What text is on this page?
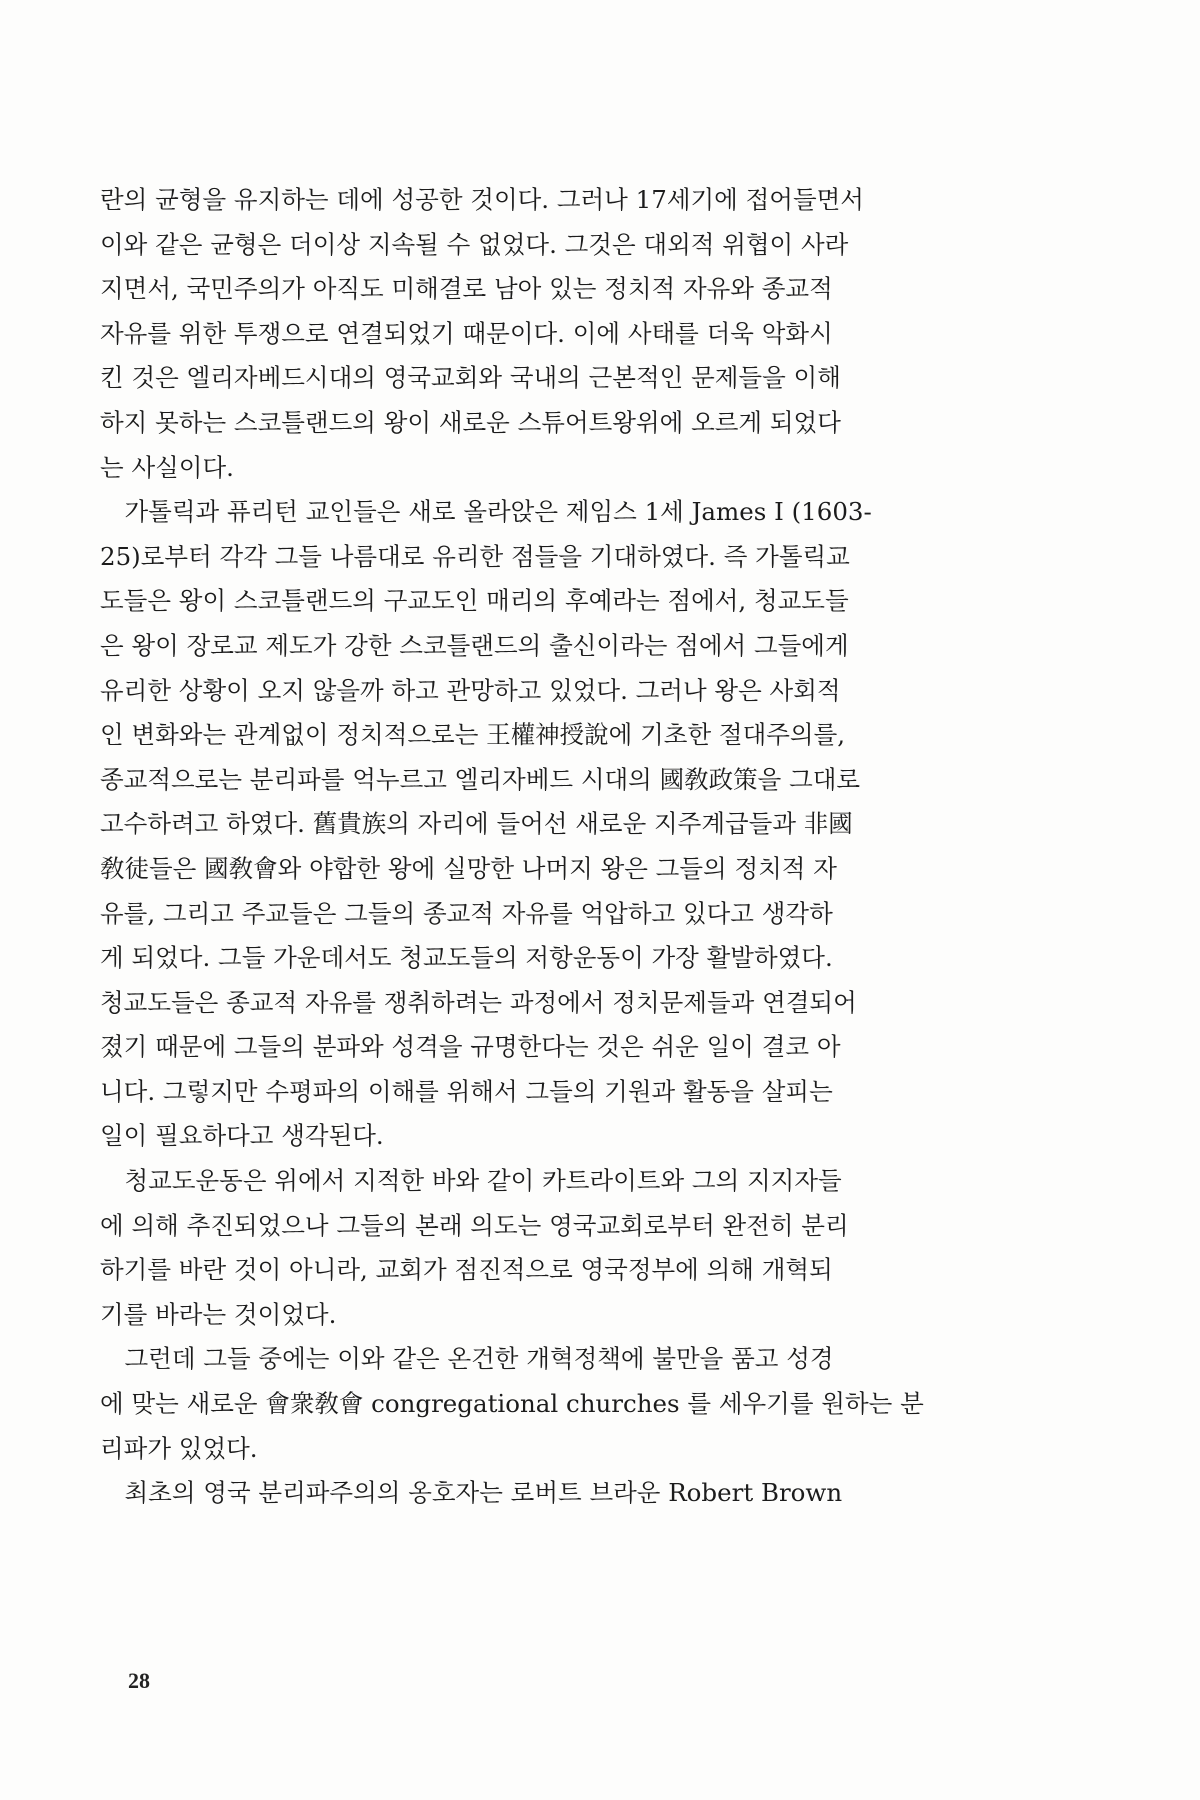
란의 균형을 유지하는 데에 성공한 것이다. 그러나 17세기에 접어들면서
이와 같은 균형은 더이상 지속될 수 없었다. 그것은 대외적 위협이 사라
지면서, 국민주의가 아직도 미해결로 남아 있는 정치적 자유와 종교적
자유를 위한 투쟁으로 연결되었기 때문이다. 이에 사태를 더욱 악화시
킨 것은 엘리자베드시대의 영국교회와 국내의 근본적인 문제들을 이해
하지 못하는 스코틀랜드의 왕이 새로운 스튜어트왕위에 오르게 되었다
는 사실이다.
가톨릭과 퓨리턴 교인들은 새로 올라앉은 제임스 1세 James I (1603-
25)로부터 각각 그들 나름대로 유리한 점들을 기대하였다. 즉 가톨릭교
도들은 왕이 스코틀랜드의 구교도인 매리의 후예라는 점에서, 청교도들
은 왕이 장로교 제도가 강한 스코틀랜드의 출신이라는 점에서 그들에게
유리한 상황이 오지 않을까 하고 관망하고 있었다. 그러나 왕은 사회적
인 변화와는 관계없이 정치적으로는 王權神授說에 기초한 절대주의를,
종교적으로는 분리파를 억누르고 엘리자베드 시대의 國敎政策을 그대로
고수하려고 하였다. 舊貴族의 자리에 들어선 새로운 지주계급들과 非國
敎徒들은 國敎會와 야합한 왕에 실망한 나머지 왕은 그들의 정치적 자
유를, 그리고 주교들은 그들의 종교적 자유를 억압하고 있다고 생각하
게 되었다. 그들 가운데서도 청교도들의 저항운동이 가장 활발하였다.
청교도들은 종교적 자유를 쟁취하려는 과정에서 정치문제들과 연결되어
졌기 때문에 그들의 분파와 성격을 규명한다는 것은 쉬운 일이 결코 아
니다. 그렇지만 수평파의 이해를 위해서 그들의 기원과 활동을 살피는
일이 필요하다고 생각된다.
청교도운동은 위에서 지적한 바와 같이 카트라이트와 그의 지지자들
에 의해 추진되었으나 그들의 본래 의도는 영국교회로부터 완전히 분리
하기를 바란 것이 아니라, 교회가 점진적으로 영국정부에 의해 개혁되
기를 바라는 것이었다.
그런데 그들 중에는 이와 같은 온건한 개혁정책에 불만을 품고 성경
에 맞는 새로운 會衆敎會 congregational churches 를 세우기를 원하는 분
리파가 있었다.
최초의 영국 분리파주의의 옹호자는 로버트 브라운 Robert Brown
28
